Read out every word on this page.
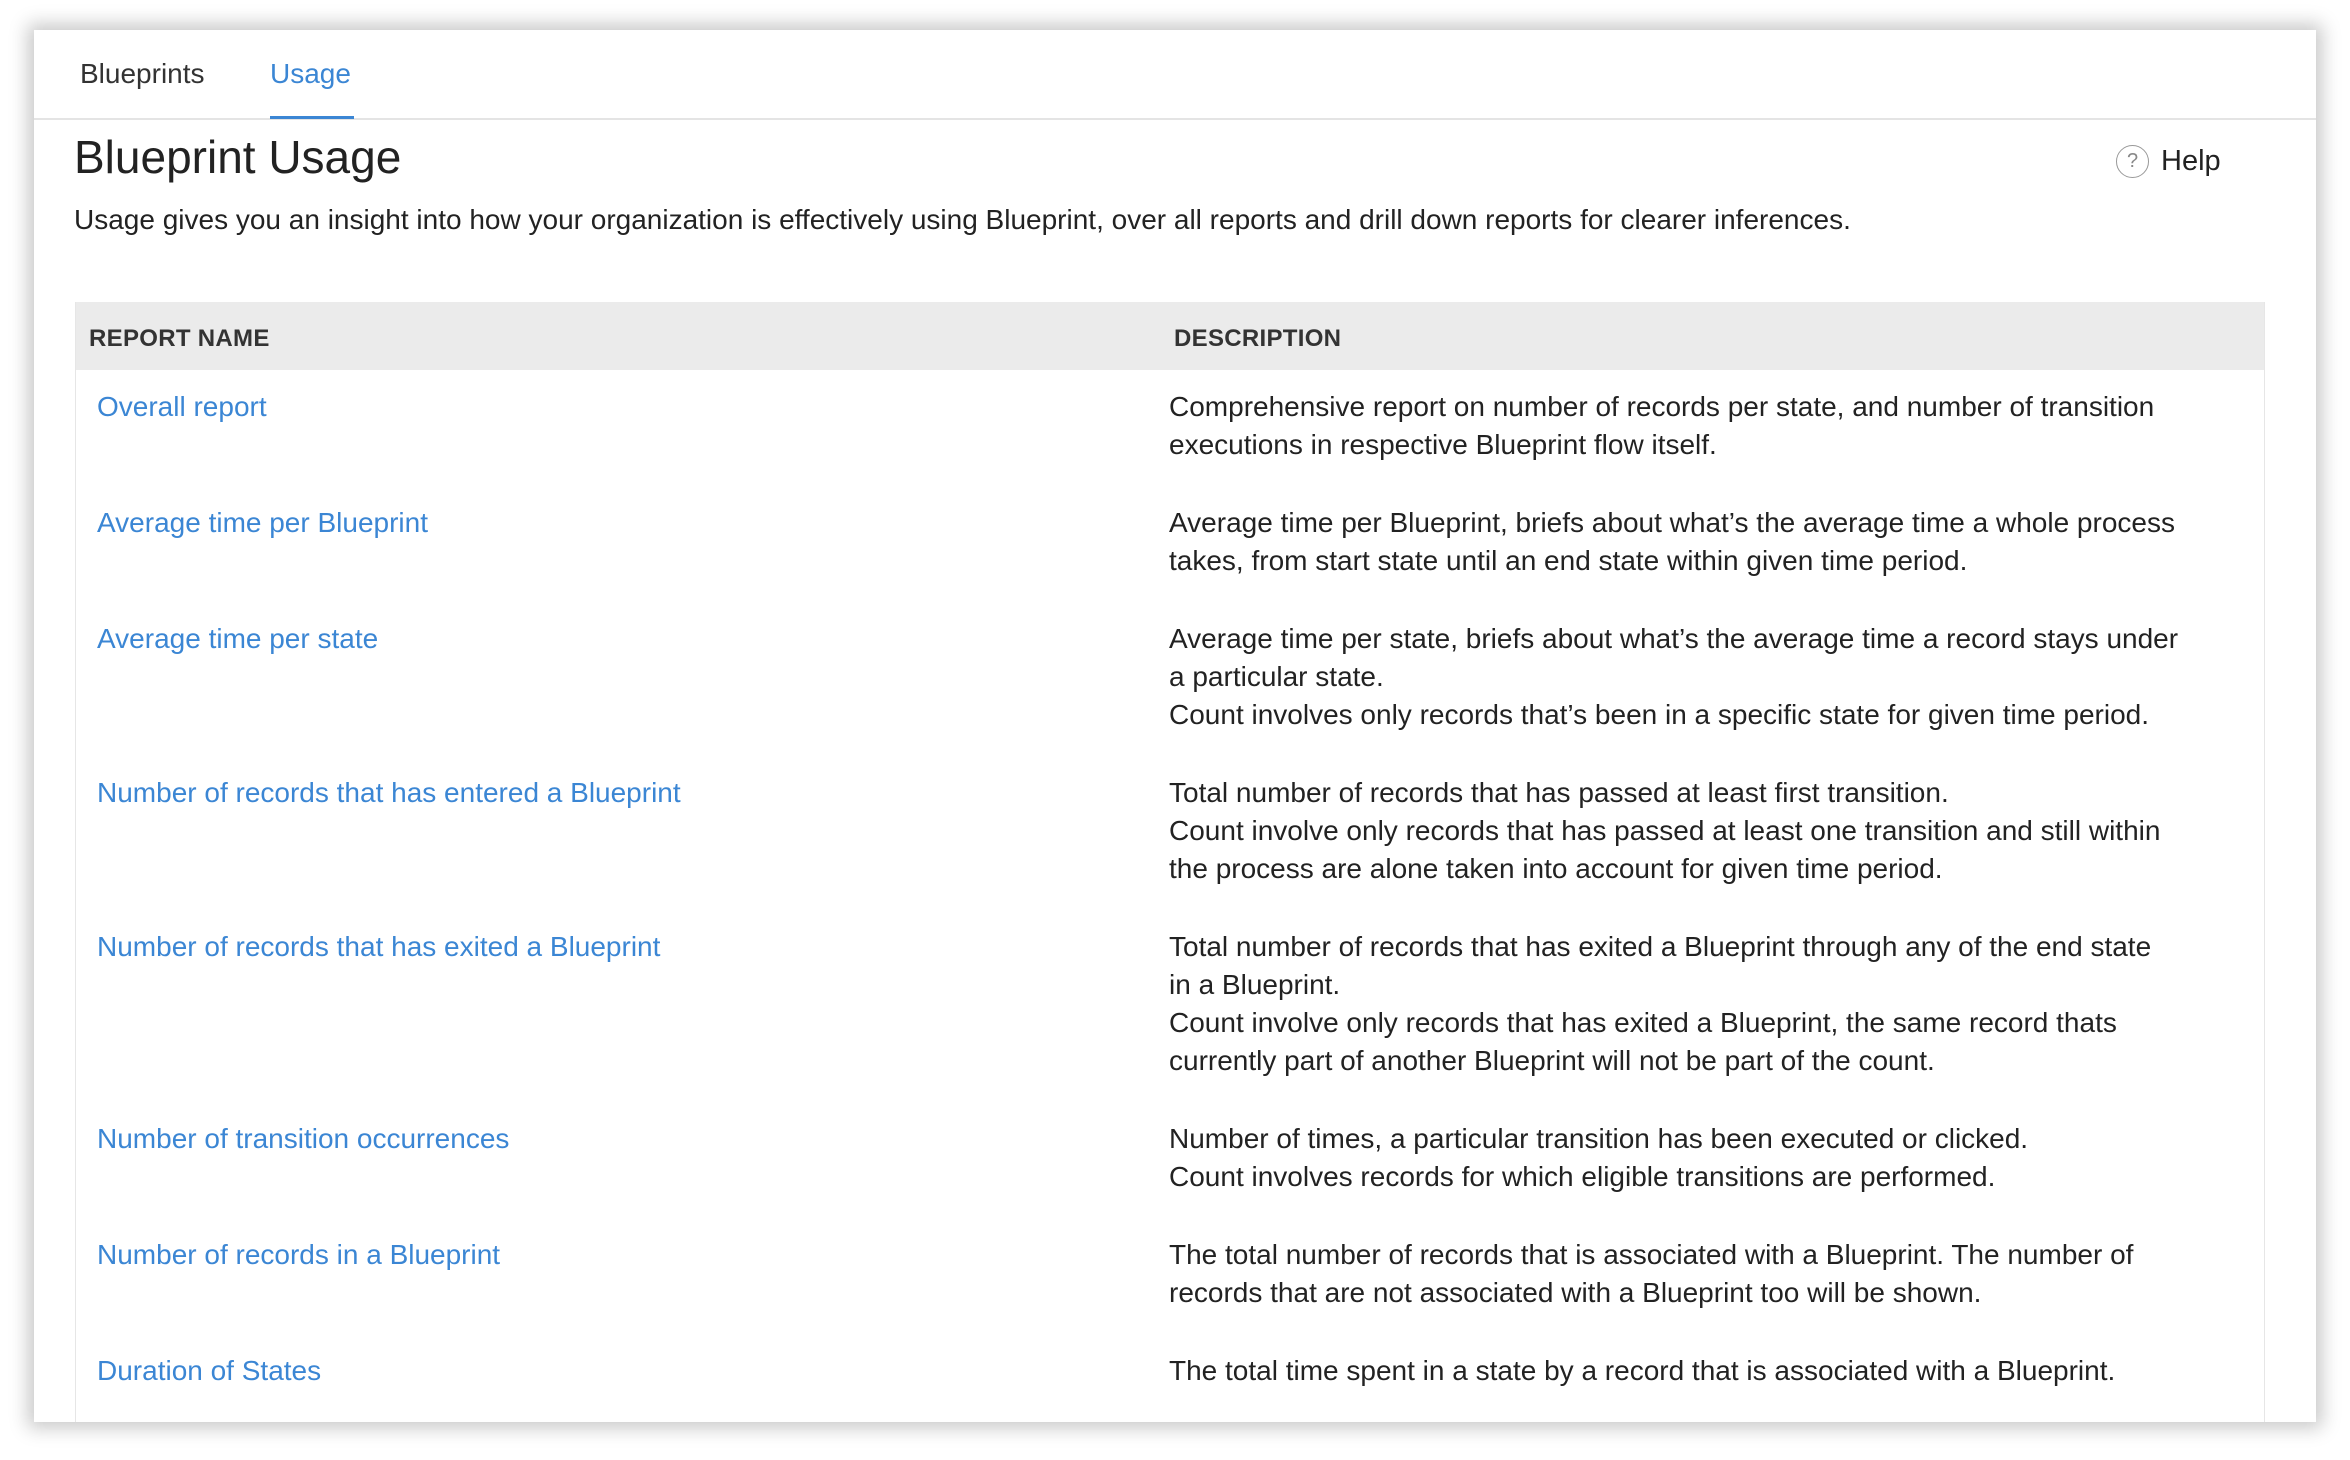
Blueprints Usage
Blueprint Usage	? Help

Usage gives you an insight into how your organization is effectively using Blueprint, over all reports and drill down reports for clearer inferences.

REPORT NAME	DESCRIPTION
Overall report	Comprehensive report on number of records per state, and number of transition
executions in respective Blueprint flow itself.
Average time per Blueprint	Average time per Blueprint, briefs about what’s the average time a whole process
takes, from start state until an end state within given time period.
Average time per state	Average time per state, briefs about what’s the average time a record stays under
a particular state.
Count involves only records that’s been in a specific state for given time period.
Number of records that has entered a Blueprint	Total number of records that has passed at least first transition.
Count involve only records that has passed at least one transition and still within
the process are alone taken into account for given time period.
Number of records that has exited a Blueprint	Total number of records that has exited a Blueprint through any of the end state
in a Blueprint.
Count involve only records that has exited a Blueprint, the same record thats
currently part of another Blueprint will not be part of the count.
Number of transition occurrences	Number of times, a particular transition has been executed or clicked.
Count involves records for which eligible transitions are performed.
Number of records in a Blueprint	The total number of records that is associated with a Blueprint. The number of
records that are not associated with a Blueprint too will be shown.
Duration of States	The total time spent in a state by a record that is associated with a Blueprint.
